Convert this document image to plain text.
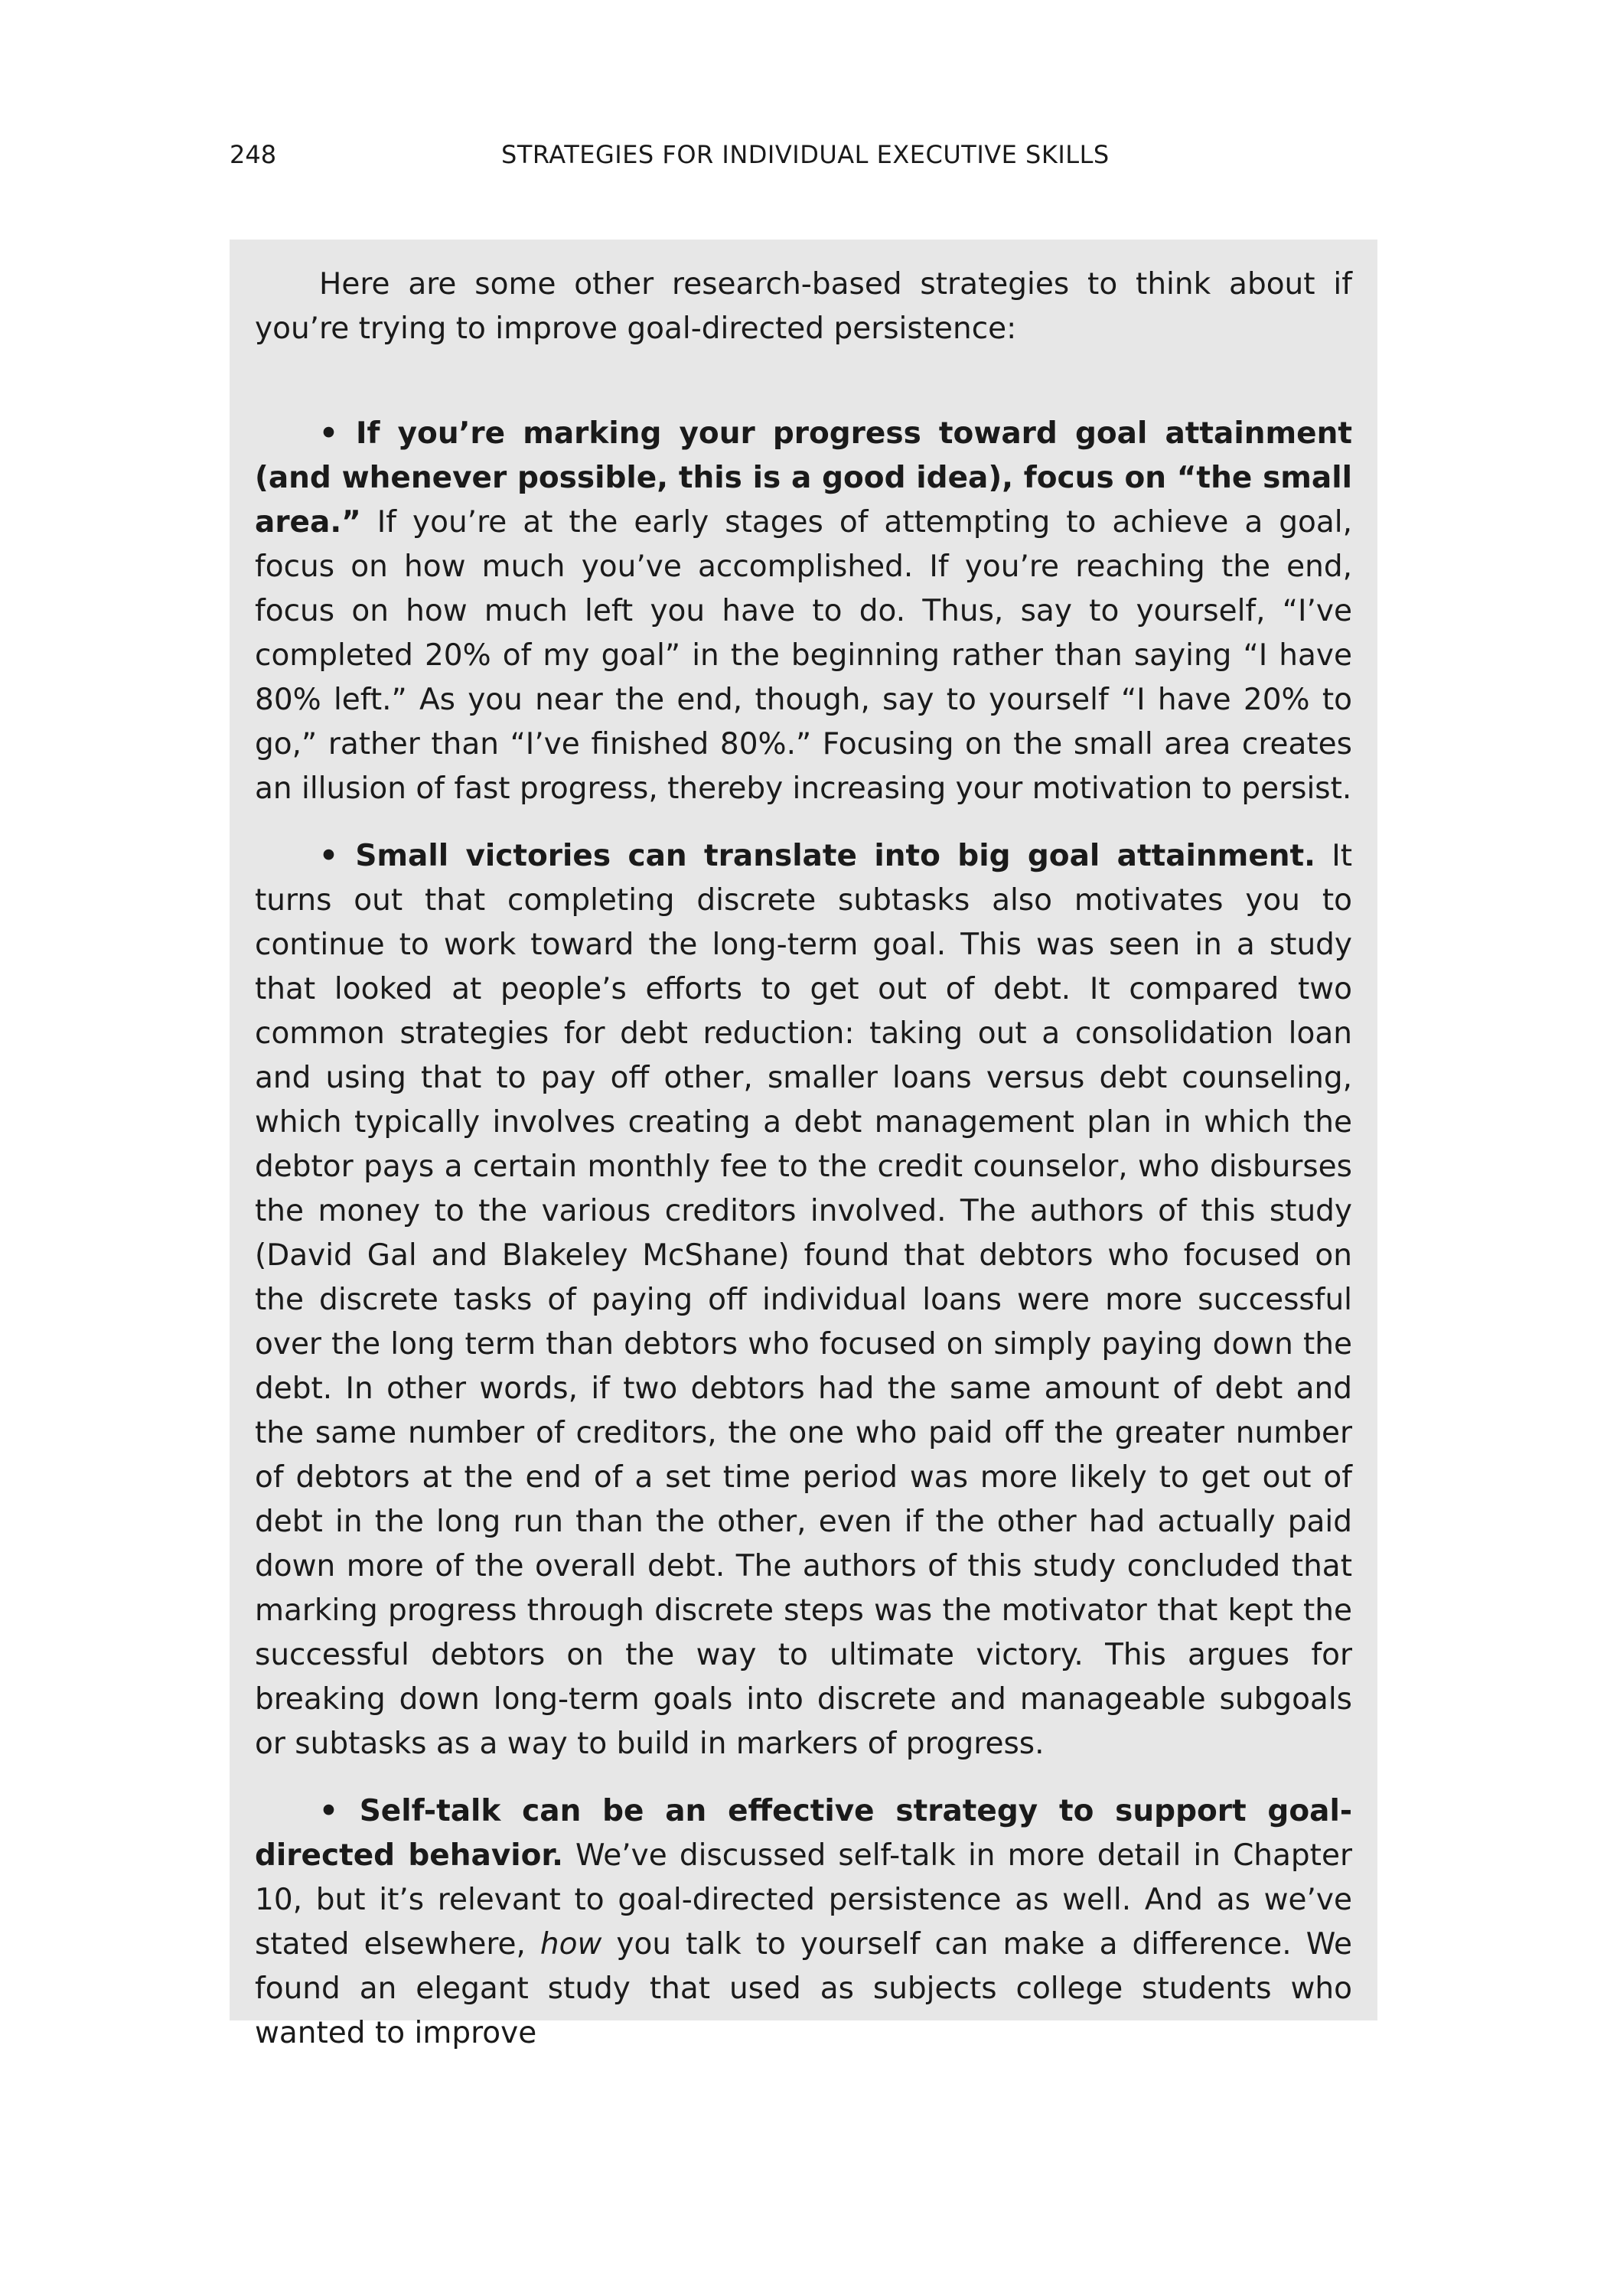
248	STRATEGIES FOR INDIVIDUAL EXECUTIVE SKILLS

Here are some other research-based strategies to think about if you’re trying to improve goal-directed persistence:

• If you’re marking your progress toward goal attainment (and whenever possible, this is a good idea), focus on “the small area.” If you’re at the early stages of attempting to achieve a goal, focus on how much you’ve accomplished. If you’re reaching the end, focus on how much left you have to do. Thus, say to yourself, “I’ve completed 20% of my goal” in the beginning rather than saying “I have 80% left.” As you near the end, though, say to yourself “I have 20% to go,” rather than “I’ve finished 80%.” Focusing on the small area creates an illusion of fast progress, thereby increasing your motivation to persist.

• Small victories can translate into big goal attainment. It turns out that completing discrete subtasks also motivates you to continue to work toward the long-term goal. This was seen in a study that looked at people’s efforts to get out of debt. It compared two common strategies for debt reduction: taking out a consolidation loan and using that to pay off other, smaller loans versus debt counseling, which typically involves creating a debt management plan in which the debtor pays a certain monthly fee to the credit counselor, who disburses the money to the various creditors involved. The authors of this study (David Gal and Blakeley McShane) found that debtors who focused on the discrete tasks of paying off individual loans were more successful over the long term than debtors who focused on simply paying down the debt. In other words, if two debtors had the same amount of debt and the same number of creditors, the one who paid off the greater number of debtors at the end of a set time period was more likely to get out of debt in the long run than the other, even if the other had actually paid down more of the overall debt. The authors of this study concluded that marking progress through discrete steps was the motivator that kept the successful debtors on the way to ultimate victory. This argues for breaking down long-term goals into discrete and manageable subgoals or subtasks as a way to build in markers of progress.

• Self-talk can be an effective strategy to support goal-directed behavior. We’ve discussed self-talk in more detail in Chapter 10, but it’s relevant to goal-directed persistence as well. And as we’ve stated elsewhere, how you talk to yourself can make a difference. We found an elegant study that used as subjects college students who wanted to improve
